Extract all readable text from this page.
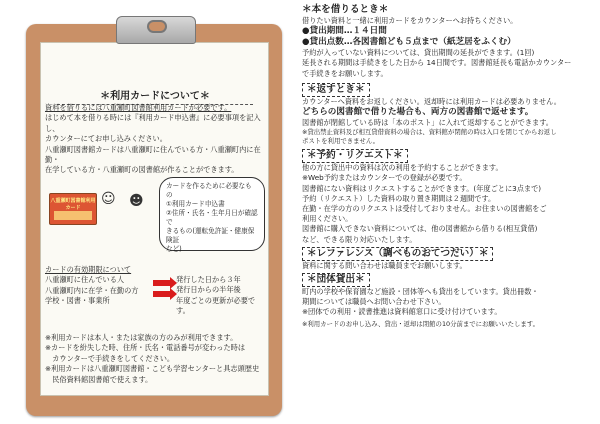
＊利用カードについて＊
資料を借りるには八重瀬町図書館利用カードが必要です。
はじめて本を借りる時には『利用カード申込書』に必要事項を記入し、
カウンターにてお申し込みください。
八重瀬町図書館カードは八重瀬町に住んでいる方・八重瀬町内に在勤・
在学している方・八重瀬町の図書館が作ることができます。
八重瀬町図書館利用カード
☺ ☻
カードを作るために必要なもの
①利用カード申込書
②住所・氏名・生年月日が確認で
きるもの(運転免許証・健康保険証
など)
カードの有効期限について
八重瀬町に住んでいる人
八重瀬町内に在学・在勤の方
学校・図書・事業所
発行した日から３年
発行日からの半年後
年度ごとの更新が必要です。
※利用カードは本人・または家族の方のみが利用できます。
※カードを紛失した時、住所・氏名・電話番号が変わった時は
　カウンターで手続きをしてください。
※利用カードは八重瀬町図書館・こども学習センターと具志頭歴史
　民俗資料館図書館で使えます。
＊本を借りるとき＊
借りたい資料と一緒に利用カードをカウンターへお持ちください。
●貸出期間…１４日間
●貸出点数…各図書館ども５点まで（紙芝居をふくむ）
予約が入っていない資料については、貸出期間の延長ができます。(1回)
延長される期間は手続きをした日から 14日間です。図書館延長も電話かカウンター
で手続きをお願いします。
＊返すとき＊
カウンターへ資料をお返しください。返却時には利用カードは必要ありません。
どちらの図書館で借りた場合も、両方の図書館で返せます。
図書館が閉館している時は「本のポスト」に入れて返却することができます。
※貸出禁止資料及び相互貸借資料の場合は、資料館が閉館の時は入口を閉じてからお返し
ポストを利用できません。
＊予約・リクエスト＊
他の方に貸出中の資料は次の利用を予約することができます。
※Web予約またはカウンターでの登録が必要です。
図書館にない資料はリクエストすることができます。(年度ごとに3点まで)
予約（リクエスト）した資料の取り置き期間は２週間です。
在勤・在学の方のリクエストは受付しておりません。お住まいの図書館をご
利用ください。
図書館に購入できない資料については、他の図書館から借りる(相互貸借)
など、できる限り対応いたします。
＊レファレンス（調べものおてつだい）＊
資料に関する問い合わせは職員までお願いします。
＊団体貸出＊
町内の学校や保育園など施設・団体等へも貸出をしています。貸出冊数・
期間については職員へお問い合わせ下さい。
※団体での利用・読書推進は資料館窓口に受け付けています。
※利用カードのお申し込み、貸出・返却は閉館の10分前までにお願いいたします。
